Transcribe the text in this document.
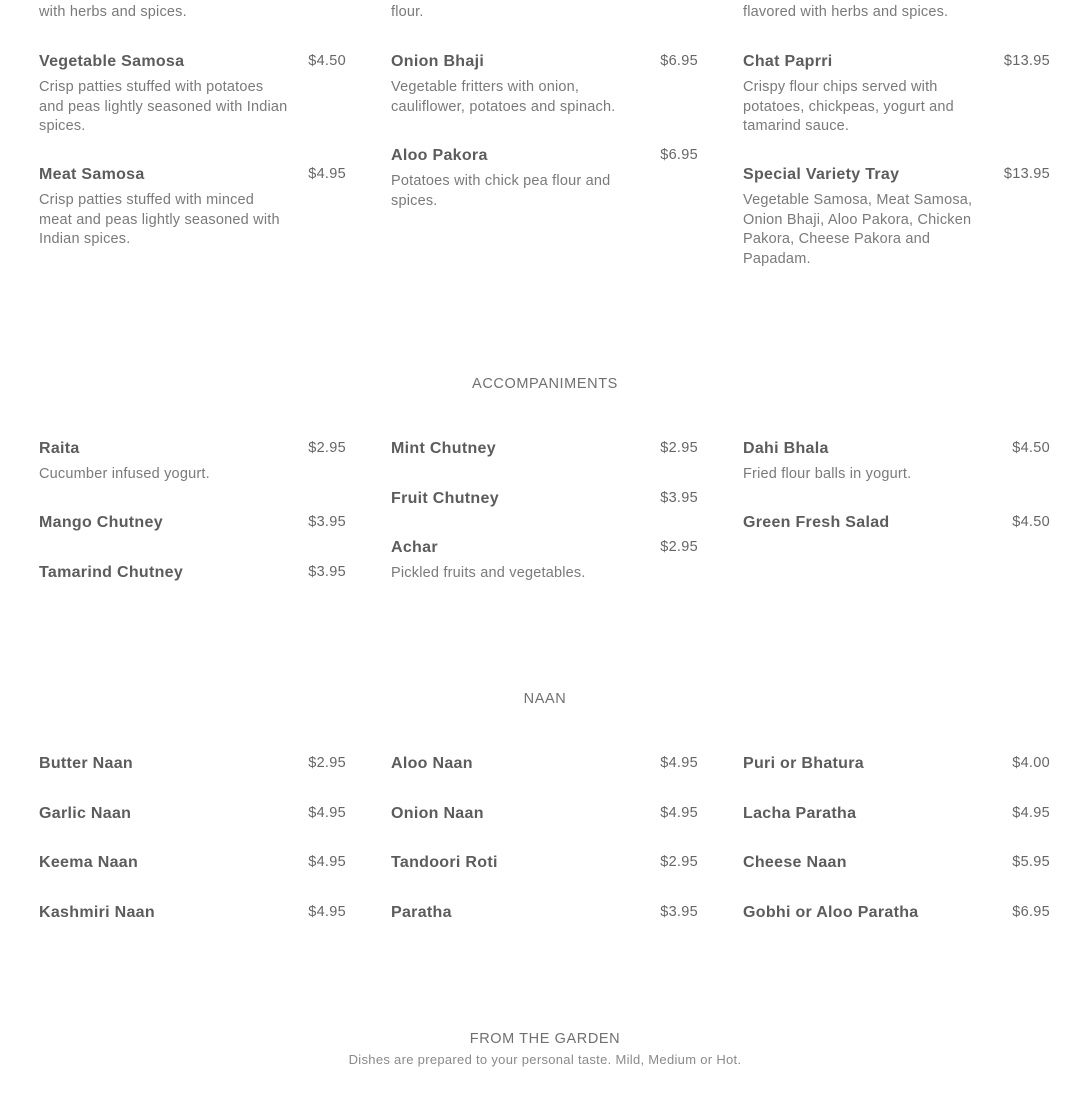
with herbs and spices.	flour.	flavored with herbs and spices.
Vegetable Samosa	$4.50
Crisp patties stuffed with potatoes and peas lightly seasoned with Indian spices.
Meat Samosa	$4.95
Crisp patties stuffed with minced meat and peas lightly seasoned with Indian spices.
Onion Bhaji	$6.95
Vegetable fritters with onion, cauliflower, potatoes and spinach.
Aloo Pakora	$6.95
Potatoes with chick pea flour and spices.
Chat Paprri	$13.95
Crispy flour chips served with potatoes, chickpeas, yogurt and tamarind sauce.
Special Variety Tray	$13.95
Vegetable Samosa, Meat Samosa, Onion Bhaji, Aloo Pakora, Chicken Pakora, Cheese Pakora and Papadam.
ACCOMPANIMENTS
Raita	$2.95
Cucumber infused yogurt.
Mango Chutney	$3.95
Tamarind Chutney	$3.95
Mint Chutney	$2.95
Fruit Chutney	$3.95
Achar	$2.95
Pickled fruits and vegetables.
Dahi Bhala	$4.50
Fried flour balls in yogurt.
Green Fresh Salad	$4.50
NAAN
Butter Naan	$2.95
Garlic Naan	$4.95
Keema Naan	$4.95
Kashmiri Naan	$4.95
Aloo Naan	$4.95
Onion Naan	$4.95
Tandoori Roti	$2.95
Paratha	$3.95
Puri or Bhatura	$4.00
Lacha Paratha	$4.95
Cheese Naan	$5.95
Gobhi or Aloo Paratha	$6.95
FROM THE GARDEN
Dishes are prepared to your personal taste. Mild, Medium or Hot.
